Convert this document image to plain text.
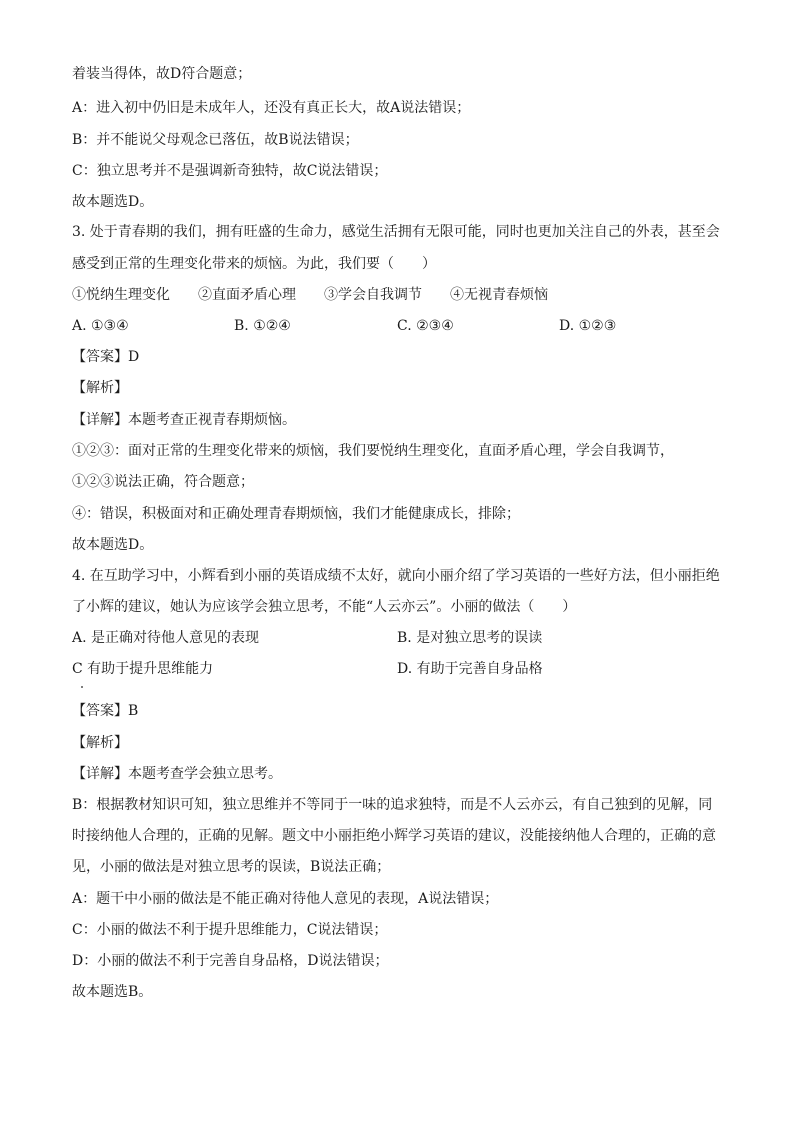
着装当得体，故D符合题意；
A：进入初中仍旧是未成年人，还没有真正长大，故A说法错误；
B：并不能说父母观念已落伍，故B说法错误；
C：独立思考并不是强调新奇独特，故C说法错误；
故本题选D。
3. 处于青春期的我们，拥有旺盛的生命力，感觉生活拥有无限可能，同时也更加关注自己的外表，甚至会
感受到正常的生理变化带来的烦恼。为此，我们要（　　）
①悦纳生理变化　　②直面矛盾心理　　③学会自我调节　　④无视青春烦恼
A. ①③④	B. ①②④	C. ②③④	D. ①②③
【答案】D
【解析】
【详解】本题考查正视青春期烦恼。
①②③：面对正常的生理变化带来的烦恼，我们要悦纳生理变化，直面矛盾心理，学会自我调节，
①②③说法正确，符合题意；
④：错误，积极面对和正确处理青春期烦恼，我们才能健康成长，排除；
故本题选D。
4. 在互助学习中，小辉看到小丽的英语成绩不太好，就向小丽介绍了学习英语的一些好方法，但小丽拒绝
了小辉的建议，她认为应该学会独立思考，不能“人云亦云”。小丽的做法（　　）
A. 是正确对待他人意见的表现	B. 是对独立思考的误读
C 有助于提升思维能力	D. 有助于完善自身品格
【答案】B
【解析】
【详解】本题考查学会独立思考。
B：根据教材知识可知，独立思维并不等同于一味的追求独特，而是不人云亦云，有自己独到的见解，同
时接纳他人合理的，正确的见解。题文中小丽拒绝小辉学习英语的建议，没能接纳他人合理的，正确的意
见，小丽的做法是对独立思考的误读，B说法正确；
A：题干中小丽的做法是不能正确对待他人意见的表现，A说法错误；
C：小丽的做法不利于提升思维能力，C说法错误；
D：小丽的做法不利于完善自身品格，D说法错误；
故本题选B。
